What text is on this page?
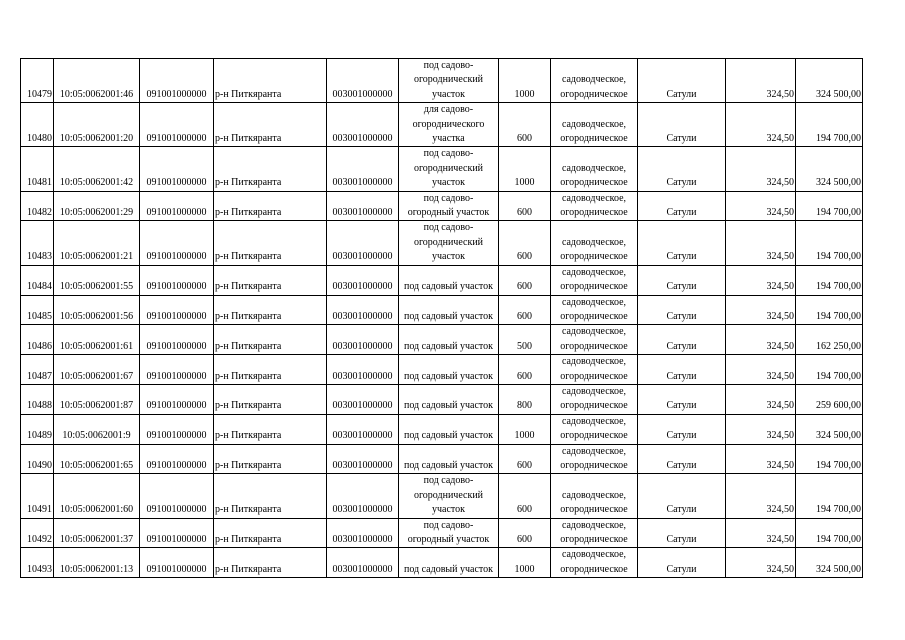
10479	10:05:0062001:46	091001000000	р-н Питкяранта	003001000000	под садово-
огороднический
участок	1000	садоводческое,
огородническое	Сатули	324,50	324 500,00
10480	10:05:0062001:20	091001000000	р-н Питкяранта	003001000000	для садово-
огороднического
участка	600	садоводческое,
огородническое	Сатули	324,50	194 700,00
10481	10:05:0062001:42	091001000000	р-н Питкяранта	003001000000	под садово-
огороднический
участок	1000	садоводческое,
огородническое	Сатули	324,50	324 500,00
10482	10:05:0062001:29	091001000000	р-н Питкяранта	003001000000	под садово-
огородный участок	600	садоводческое,
огородническое	Сатули	324,50	194 700,00
10483	10:05:0062001:21	091001000000	р-н Питкяранта	003001000000	под садово-
огороднический
участок	600	садоводческое,
огородническое	Сатули	324,50	194 700,00
10484	10:05:0062001:55	091001000000	р-н Питкяранта	003001000000	под садовый участок	600	садоводческое,
огородническое	Сатули	324,50	194 700,00
10485	10:05:0062001:56	091001000000	р-н Питкяранта	003001000000	под садовый участок	600	садоводческое,
огородническое	Сатули	324,50	194 700,00
10486	10:05:0062001:61	091001000000	р-н Питкяранта	003001000000	под садовый участок	500	садоводческое,
огородническое	Сатули	324,50	162 250,00
10487	10:05:0062001:67	091001000000	р-н Питкяранта	003001000000	под садовый участок	600	садоводческое,
огородническое	Сатули	324,50	194 700,00
10488	10:05:0062001:87	091001000000	р-н Питкяранта	003001000000	под садовый участок	800	садоводческое,
огородническое	Сатули	324,50	259 600,00
10489	10:05:0062001:9	091001000000	р-н Питкяранта	003001000000	под садовый участок	1000	садоводческое,
огородническое	Сатули	324,50	324 500,00
10490	10:05:0062001:65	091001000000	р-н Питкяранта	003001000000	под садовый участок	600	садоводческое,
огородническое	Сатули	324,50	194 700,00
10491	10:05:0062001:60	091001000000	р-н Питкяранта	003001000000	под садово-
огороднический
участок	600	садоводческое,
огородническое	Сатули	324,50	194 700,00
10492	10:05:0062001:37	091001000000	р-н Питкяранта	003001000000	под садово-
огородный участок	600	садоводческое,
огородническое	Сатули	324,50	194 700,00
10493	10:05:0062001:13	091001000000	р-н Питкяранта	003001000000	под садовый участок	1000	садоводческое,
огородническое	Сатули	324,50	324 500,00
